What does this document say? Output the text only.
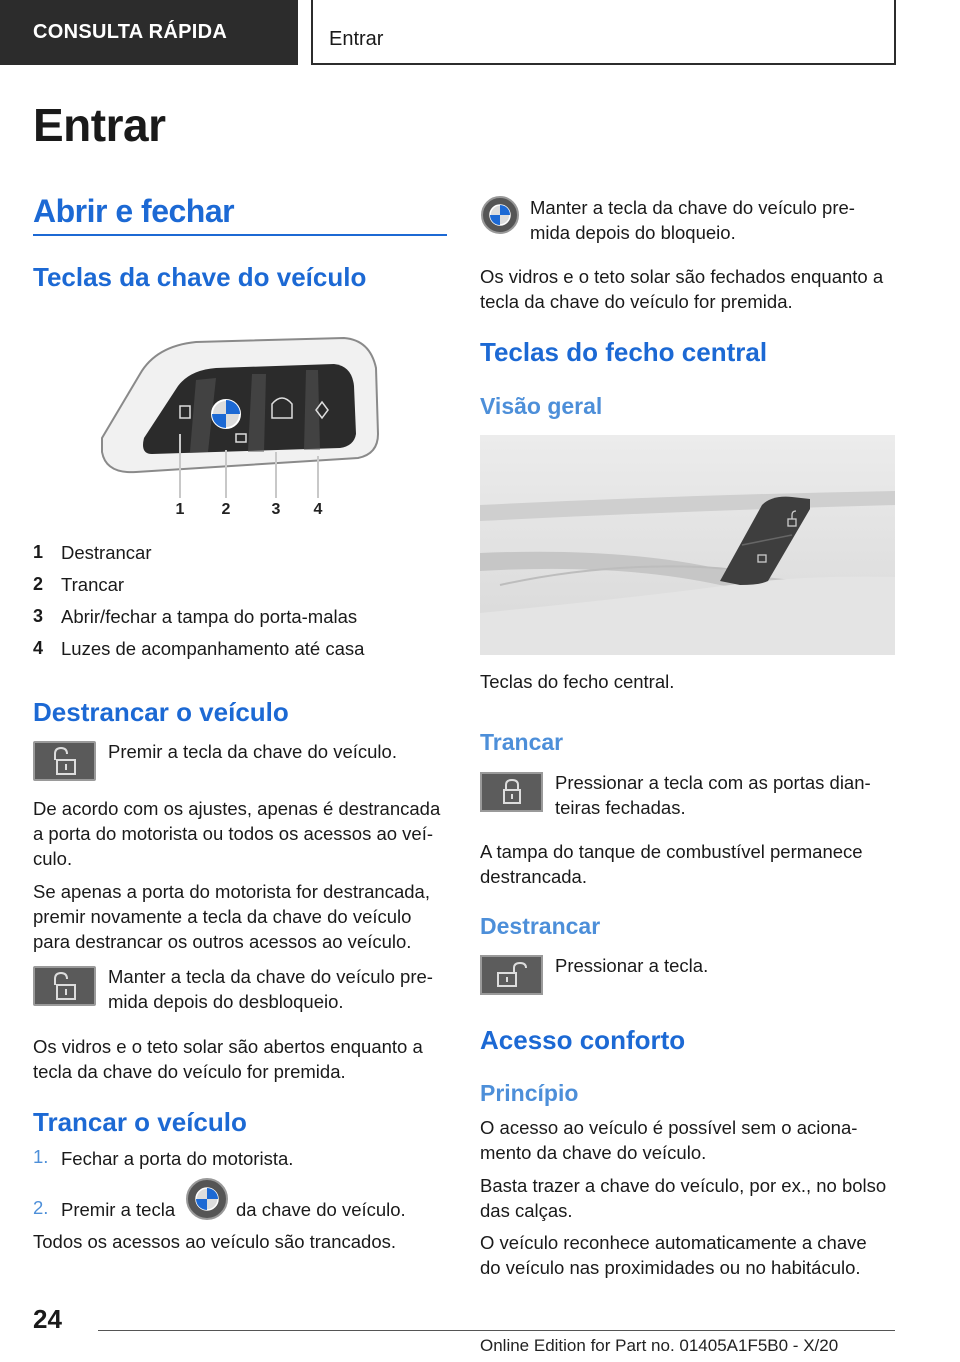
CONSULTA RÁPIDA	Entrar
Entrar
Abrir e fechar
Teclas da chave do veículo
1 2	3 4
1 Destrancar
2 Trancar
3 Abrir/fechar a tampa do porta-malas
4 Luzes de acompanhamento até casa
Destrancar o veículo
Premir a tecla da chave do veículo.
De acordo com os ajustes, apenas é destrancada
a porta do motorista ou todos os acessos ao veí-
culo.
Se apenas a porta do motorista for destrancada,
premir novamente a tecla da chave do veículo
para destrancar os outros acessos ao veículo.
Manter a tecla da chave do veículo pre-
mida depois do desbloqueio.
Os vidros e o teto solar são abertos enquanto a
tecla da chave do veículo for premida.
Trancar o veículo
1. Fechar a porta do motorista.
2. Premir a tecla	da chave do veículo.
Todos os acessos ao veículo são trancados.
Manter a tecla da chave do veículo pre-
mida depois do bloqueio.
Os vidros e o teto solar são fechados enquanto a
tecla da chave do veículo for premida.
Teclas do fecho central
Visão geral
Teclas do fecho central.
Trancar
Pressionar a tecla com as portas dian-
teiras fechadas.
A tampa do tanque de combustível permanece
destrancada.
Destrancar
Pressionar a tecla.
Acesso conforto
Princípio
O acesso ao veículo é possível sem o aciona-
mento da chave do veículo.
Basta trazer a chave do veículo, por ex., no bolso
das calças.
O veículo reconhece automaticamente a chave
do veículo nas proximidades ou no habitáculo.
24
Online Edition for Part no. 01405A1F5B0 - X/20
